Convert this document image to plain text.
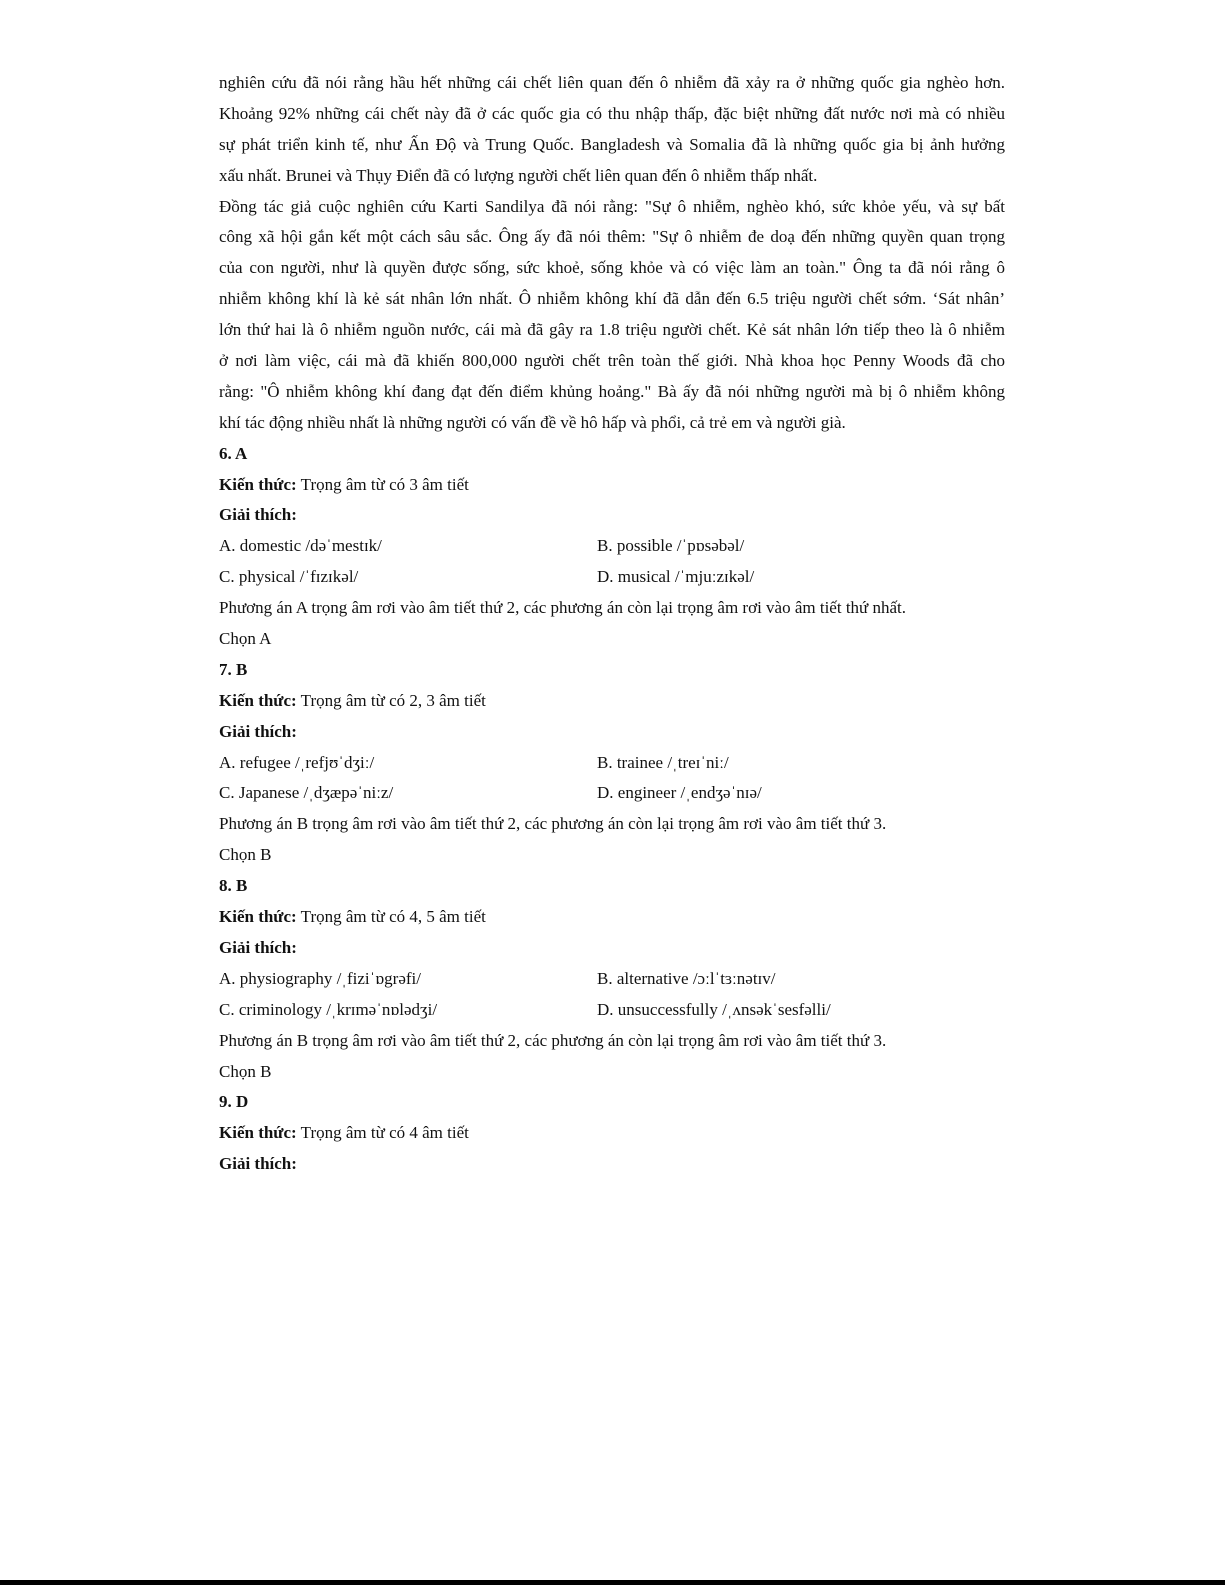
nghiên cứu đã nói rằng hầu hết những cái chết liên quan đến ô nhiễm đã xảy ra ở những quốc gia nghèo hơn.
Khoảng 92% những cái chết này đã ở các quốc gia có thu nhập thấp, đặc biệt những đất nước nơi mà có nhiều
sự phát triển kinh tế, như Ấn Độ và Trung Quốc. Bangladesh và Somalia đã là những quốc gia bị ảnh hưởng
xấu nhất. Brunei và Thụy Điển đã có lượng người chết liên quan đến ô nhiễm thấp nhất.
Đồng tác giả cuộc nghiên cứu Karti Sandilya đã nói rằng: "Sự ô nhiễm, nghèo khó, sức khỏe yếu, và sự bất
công xã hội gắn kết một cách sâu sắc. Ông ấy đã nói thêm: "Sự ô nhiễm đe doạ đến những quyền quan trọng
của con người, như là quyền được sống, sức khoẻ, sống khỏe và có việc làm an toàn." Ông ta đã nói rằng ô
nhiễm không khí là kẻ sát nhân lớn nhất. Ô nhiễm không khí đã dẫn đến 6.5 triệu người chết sớm. ‘Sát nhân’
lớn thứ hai là ô nhiễm nguồn nước, cái mà đã gây ra 1.8 triệu người chết. Kẻ sát nhân lớn tiếp theo là ô nhiễm
ở nơi làm việc, cái mà đã khiến 800,000 người chết trên toàn thế giới. Nhà khoa học Penny Woods đã cho
rằng: "Ô nhiễm không khí đang đạt đến điểm khủng hoảng." Bà ấy đã nói những người mà bị ô nhiễm không
khí tác động nhiều nhất là những người có vấn đề về hô hấp và phổi, cả trẻ em và người già.
6. A
Kiến thức: Trọng âm từ có 3 âm tiết
Giải thích:
A. domestic /dəˈmestɪk/	B. possible /ˈpɒsəbəl/
C. physical /ˈfɪzɪkəl/	D. musical /ˈmjuːzɪkəl/
Phương án A trọng âm rơi vào âm tiết thứ 2, các phương án còn lại trọng âm rơi vào âm tiết thứ nhất.
Chọn A
7. B
Kiến thức: Trọng âm từ có 2, 3 âm tiết
Giải thích:
A. refugee /ˌrefjʊˈdʒiː/	B. trainee /ˌtreɪˈniː/
C. Japanese /ˌdʒæpəˈniːz/	D. engineer /ˌendʒəˈnɪə/
Phương án B trọng âm rơi vào âm tiết thứ 2, các phương án còn lại trọng âm rơi vào âm tiết thứ 3.
Chọn B
8. B
Kiến thức: Trọng âm từ có 4, 5 âm tiết
Giải thích:
A. physiography /ˌfiziˈɒgrəfi/	B. alternative /ɔːlˈtɜːnətɪv/
C. criminology /ˌkrɪməˈnɒlədʒi/	D. unsuccessfully /ˌʌnsəkˈsesfəlli/
Phương án B trọng âm rơi vào âm tiết thứ 2, các phương án còn lại trọng âm rơi vào âm tiết thứ 3.
Chọn B
9. D
Kiến thức: Trọng âm từ có 4 âm tiết
Giải thích:
